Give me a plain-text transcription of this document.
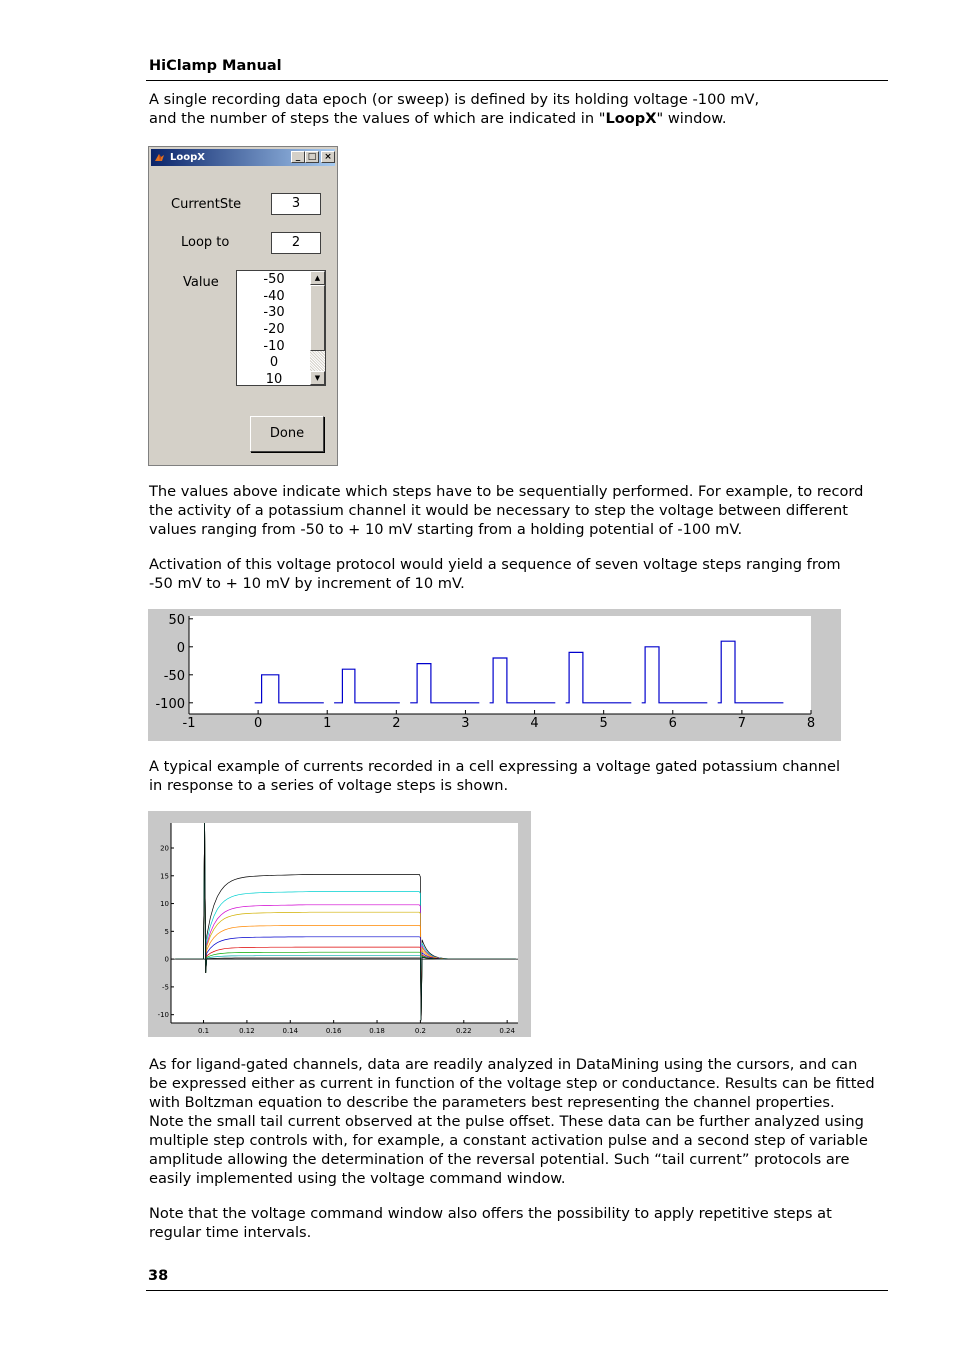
HiClamp Manual
A single recording data epoch (or sweep) is defined by its holding voltage -100 mV,
and the number of steps the values of which are indicated in "LoopX" window.
LoopX	_ □ ×
CurrentSte	3
Loop to	2
Value	-50
-40
-30
-20
-10
0
10
▲
▼
Done
The values above indicate which steps have to be sequentially performed. For example, to record
the activity of a potassium channel it would be necessary to step the voltage between different
values ranging from -50 to + 10 mV starting from a holding potential of -100 mV.
Activation of this voltage protocol would yield a sequence of seven voltage steps ranging from
-50 mV to + 10 mV by increment of 10 mV.
-1	0	1	2	3	4	5	6	7	8
50
0
-50
-100
A typical example of currents recorded in a cell expressing a voltage gated potassium channel
in response to a series of voltage steps is shown.
0.1	0.12	0.14	0.16	0.18	0.2	0.22	0.24
20
15
10
5
0
-5
-10
As for ligand-gated channels, data are readily analyzed in DataMining using the cursors, and can
be expressed either as current in function of the voltage step or conductance. Results can be fitted
with Boltzman equation to describe the parameters best representing the channel properties.
Note the small tail current observed at the pulse offset. These data can be further analyzed using
multiple step controls with, for example, a constant activation pulse and a second step of variable
amplitude allowing the determination of the reversal potential. Such “tail current” protocols are
easily implemented using the voltage command window.
Note that the voltage command window also offers the possibility to apply repetitive steps at
regular time intervals.
38
